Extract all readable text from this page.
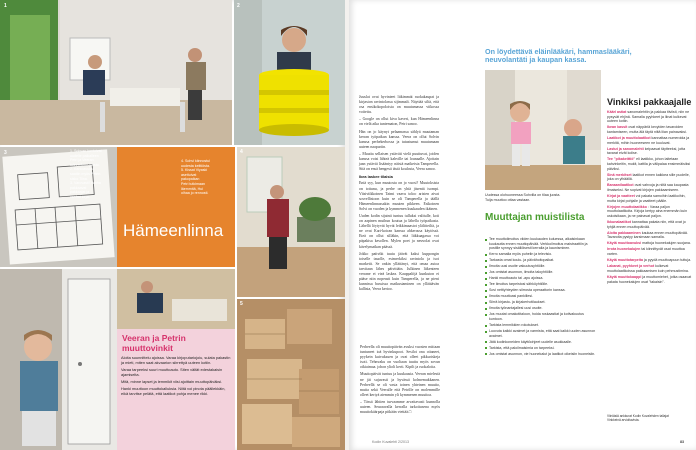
1. Sohvan kantoivat
uudelle paikalleen
Petri ja Veeran
tuleva Arno-juusto.
2. Kantoavuksi
saatiin myös Petrin
sisko Tiina.
3. Varovasti! Vanha
pakkaavat
pakkaajat ja
vanhat kirjat.
4. Sohvi kiinnostui
uudesta keittiösta.
5. Kissat Viyaski
asettuivat
pakopaikan
Petri tutkimaan
läemmitä, Hui
olhaa jo rennosti.
Hämeenlinna
4
5
Veeran ja Petrin muuttovinkit
Aloita suunnittelu ajoissa. Varaa kirjoputariojoiu, sulata pakastin ja mieti, miten saat akvaarion siirrettyä uuteen kotiin.
Varaa tarpeeksi suuri muuttoauto. Siten vältät edestakaisin ajamiselta.
Mitä, minne lapset ja lemmikit viisi ajoittain muuttopäiväksi.
Hanki muuttoon muuttokalluksia. Niitä voi pinota päällekkäin, eikä tarvitse pelätä, että laatikot pohja menee rikki.
1	2
3

Juuslat ovat hyvinteet liikimmät ruokakaupat ja kirjaston ravintolassa sijimmalt. Näyttää siltä, että osa ensikokopoloista on muutamassa viikossa voitettu.

– Google on ollut kiva kaveri, kun Hämeenlinna on vielä aika tuntematon, Petri sanoo.

Hän on jo käynyt pelaamassa sählyä muutaman kerran työpaikan kanssa. Veera on ollut Solvin kanssa perhekerhossa ja tutustumut muutamaan uuteen naapuriin.

– Muutta sellaisen ystäväti vielä puuttuvat, joiden kanssa voisi lähteä kahville tai lounaalle. Ajottain jaan ystäviä lisääntyy näistä matkeista Tamperella. Sitä on ensä hengesti tästä koulosta, Veera sanoo.

Ikea laskee tilaisia

Entä syy, kun muutosta on jo vuosi? Muutoksista on tottunu, ja perhe on yhtä jäsentä isompi. Viisiviikkoinen Taimi vaavu toloo aristen aivat sosvellistoon kuin se oli Tamperella ja täällä Hämeenlinnassakin muuten pikkeen. Esikoinen Solvi on vuoden ja kymmenen kuukauden ikäinen.

Uuden kodin sijainti tuntuu tulluksi valitulle, koti on aapinen muihun koutua ja lähella työpaikasta. Lähellä löytyvät hyvät leikkimaastot ylälitteiltä, ja ne ovat Kari-koiran kanssa ahkerassa käytössä. Eteä on ollut silläkin, että liikkuagassa voi päpakisa kesollen. Mylen poet ja neuvolat ovat kävelymatkan päässä.

Jokko paitvikt tuuiu jäävät kaksi kuppongin toiselle tauolle, esimerkiksi ravintola ja isot marketit. Se onkin yllättänyt, että omaa autoa tarvitaan lähes päivittäin. Julkinen liikenteen verrane ei vieä laskea. Kauppalöjä kunkuton ei pääse niin nopeasti kuin Tamperella, ja ne pieni kunnissa bussissa matkustaminen on ylläätävän kallista, Veera kertoo.

On löydettävä eläinlääkäri, hammaslääkäri,
neuvolantäti ja kaupan kassa.
Uudessa olohuoneessa Sohvilla on tilaa juosta.
Tuija muuttoo ottaa vastaan.
Muuttajan muistilista
Tee muuttoilmoitus viiden kuukauden kuluessa, alkaisinkaan kuukautta ennen muuttopäivää. Verkkoilmoitus maistraattiin ja postille synnyy sisällöisesti kerralla ja kaunisminen.
Kerro samalla myös puhelin ja televisio.
Tarkasta omat koulu- ja päivähoitopaikat.
Ilmoita uusi osoite vakuutusyhtiölle.
Jos omistat asunnon, ilmoita taloyhtiölle.
Hanki muuttoauto tai -apu ajoissa.
Tee ilmoitus tarpeistosi sähköyhtiölle.
Sovi nettiyhteyden siirrosta operaattorin kanssa.
Ilmoita muuttoasi pankillesi.
Siirrä kirjasto- ja kirjakerhotilaukset.
Ilmoita työnantajallesi uusi osoite.
Jos muutat omakotitaloon, hoida roskaastiat ja kotivakuutus kuntoon.
Tarkista lemmikkien rokotukset.
Luovuta kaikki avaimet ja varmista, että saat kaikki uuden asunnon avaimet.
Jätä kodinkoneiden käyttöohjeet uudelle asukkaalle.
Tarkista, että paloilmaisimia on tarpeeksi.
Jos omistat asunnon, vie huonekalut ja laatikot oikeisiin huoneisiin.
Vinkiksi pakkaajalle

Käärl astiat sanomalehtiin ja pakkaa tiiviisti, niin ne pysyvät ehjinä. Samalla pyyhkeet ja liinat kulkevat uuteen kotiin.

Ikean kassit ovat näppäriä kevyiden tavaroiden kantamiseen, mutta älä täytä niitä liian painavaksi.

Laatikot ja muuttolaatikot kannattaa numeroida ja merkitä, mihin huoneeseen ne kuuluvat.

Lastut ja sanomalehti kelpaavat täytteeksi, jotta tavarat eivät kolise.

Tee "pikakeittiö" eli laatikko, johon laitetaan kahvinkeitin, mukit, kattila ja välipalaa ensimmäisiksi päiviksi.

Sinä merkitset laatikot ennen kaikkea sille puolelle, joka on ylhäällä.

Banaanilaatikot ovat vahvoja ja niitä saa kaupasta ilmaiseksi. Ne sopivat kirjojen pakkaamiseen.

Kirjat ja vaatteet voi pakata samoihin laatikoihin, mutta kirjat pohjalle ja vaatteet päälle.

Kirjojen muuttolaatikko : Varaa paljon muuttolaatikoita. Kirjoja kertyy aina enemmän kuin uskoisikaan, ja ne painavat paljon.

Ikkunalaatikot kannattaa pakata niin, että ovat jo tyhjiä ennen muuttopäivää.

Aloita pakkaaminen kaukaa ennen muuttopäivää. Tavaroita pystyy karsimaan samalla.

Käytä muuttoavuksi mattoja huonekalujen suojana.

Irrota huonekalujen tai kiinnittyvät osat muuttoa varten.

Käytä muuttotarpeita ja pyydä muuttoapuun tuttuja.

Lakanat, pyyhkeet ja verhot kulkevat muuttolaatikoissa pakkaamisen kuin pehmustimina.

Käytä muuttokaappi ja muuttomiehet, jotka osaavat pakata huonekalujen osat "takaisin".

Viiniäsiä ankkurat Kodin Kuvalehden tallajat
Vinkkeinä arvioltavista.
83
Kodin Kuvalehti 2/2013

Perheella oli muuttopäivän avuksi vuosien mittaan tuntuneet ioä hyvinkupoot. Sesilot ona ottaneet, pyykein kuivuksuen ja ovat olleet pikkuriskeja isoti. Tehnvaku on vuoltaan tuuttu myös sovun oikiaimaa. johon ylioli kerti. Kipilt ja ruokaloita.

Muuttopäivät tuntuu ja kuukausia. Veeran mielestä ne jäi sujuvasti ja hyvässä kolmemukkanen. Perheellä se oli vasta toinen yhteinen muutto, mutta sekä Veeralle että Petrille on molemmille olleet kertyä aiemmin yli kymmenen muuttoa.

– Tässä lähtien turvaamme arvattavasti kunnolla uuteen. Seuraavalla kerralla tarkoitusena myös muuttokäärpaja pitkään viettää.□
